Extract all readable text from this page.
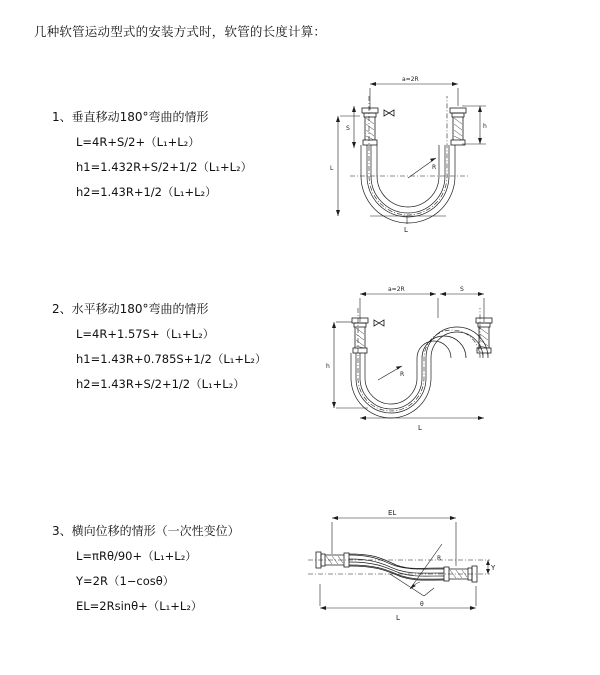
几种软管运动型式的安装方式时，软管的长度计算：
1、垂直移动180°弯曲的情形
L=4R+S/2+（L₁+L₂）
h1=1.432R+S/2+1/2（L₁+L₂）
h2=1.43R+1/2（L₁+L₂）
a=2R
h
R
L
L
S
2、水平移动180°弯曲的情形
L=4R+1.57S+（L₁+L₂）
h1=1.43R+0.785S+1/2（L₁+L₂）
h2=1.43R+S/2+1/2（L₁+L₂）
a=2R	S
h
R
L
3、横向位移的情形（一次性变位）
L=πRθ/90+（L₁+L₂）
Y=2R（1−cosθ）
EL=2Rsinθ+（L₁+L₂）
EL
Y
R
θ
L
